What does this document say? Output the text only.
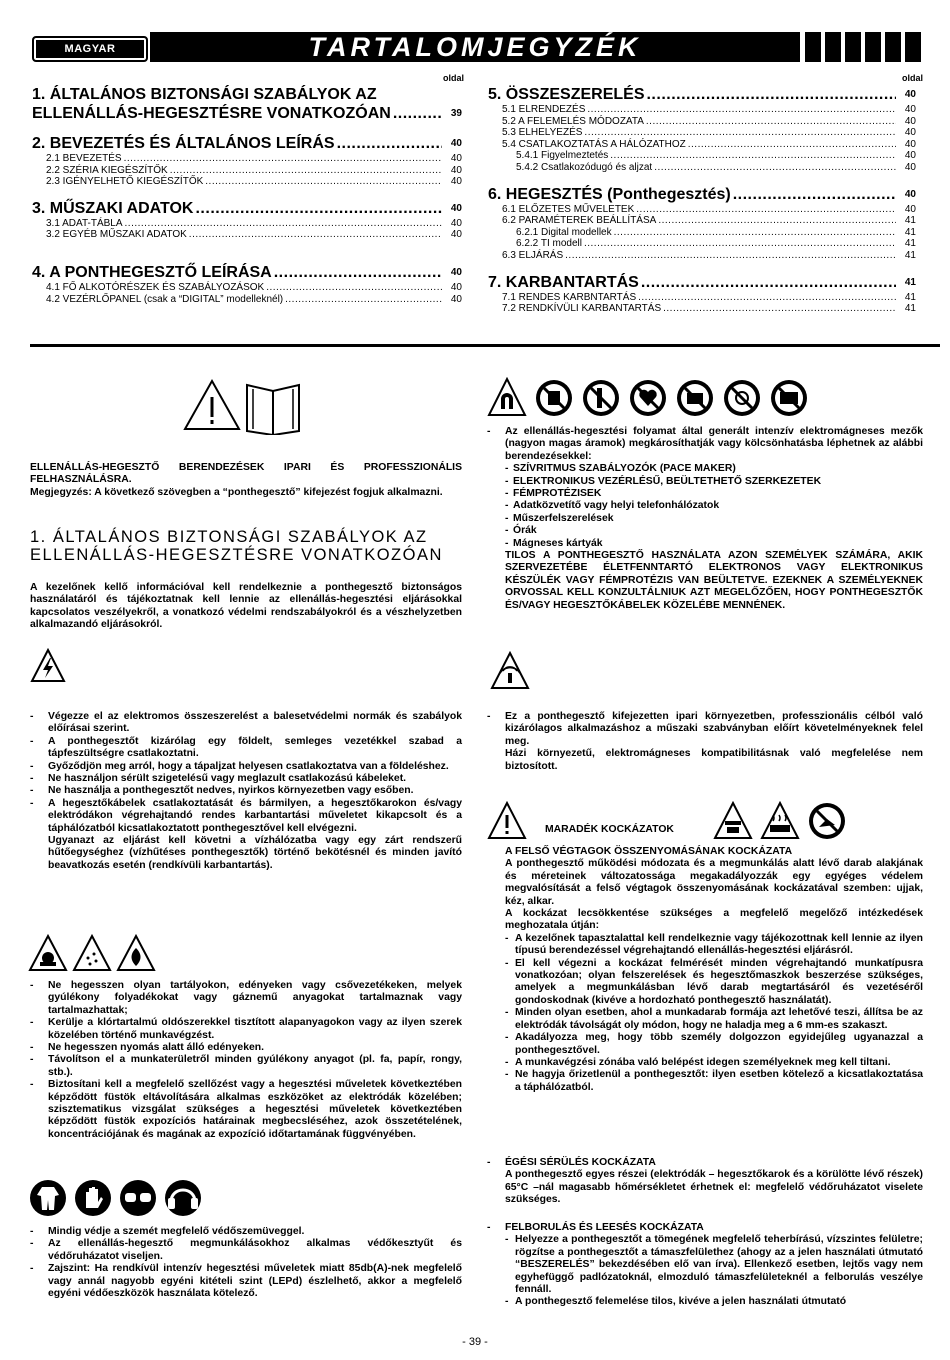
MAGYAR	TARTALOMJEGYZÉK
oldal	oldal
1. ÁLTALÁNOS BIZTONSÁGI SZABÁLYOK AZ
ELLENÁLLÁS-HEGESZTÉSRE VONATKOZÓAN .....	39
2. BEVEZETÉS ÉS ÁLTALÁNOS LEÍRÁS .....	40
2.1 BEVEZETÉS .....	40
2.2 SZÉRIA KIEGÉSZÍTŐK .....	40
2.3 IGÉNYELHETŐ KIEGÉSZÍTŐK .....	40
3. MŰSZAKI ADATOK .....	40
3.1 ADAT-TÁBLA .....	40
3.2 EGYÉB MŰSZAKI ADATOK .....	40
4. A PONTHEGESZTŐ LEÍRÁSA .....	40
4.1 FŐ ALKOTÓRÉSZEK ÉS SZABÁLYOZÁSOK .....	40
4.2 VEZÉRLŐPANEL (csak a “DIGITAL” modelleknél) .....	40
5. ÖSSZESZERELÉS .....	40
5.1 ELRENDEZÉS .....	40
5.2 A FELEMELÉS MÓDOZATA .....	40
5.3 ELHELYEZÉS .....	40
5.4 CSATLAKOZTATÁS A HÁLÓZATHOZ .....	40
5.4.1 Figyelmeztetés .....	40
5.4.2 Csatlakozódugó és aljzat .....	40
6. HEGESZTÉS (Ponthegesztés) .....	40
6.1 ELŐZETES MŰVELETEK .....	40
6.2 PARAMÉTEREK BEÁLLÍTÁSA .....	41
6.2.1 Digital modellek .....	41
6.2.2 TI modell .....	41
6.3 ELJÁRÁS .....	41
7. KARBANTARTÁS .....	41
7.1 RENDES KARBNTARTÁS .....	41
7.2 RENDKÍVÜLI KARBANTARTÁS .....	41
ELLENÁLLÁS-HEGESZTŐ BERENDEZÉSEK IPARI ÉS PROFESSZIONÁLIS FELHASZNÁLÁSRA.
Megjegyzés: A következő szövegben a “ponthegesztő” kifejezést fogjuk alkalmazni.
1. ÁLTALÁNOS BIZTONSÁGI SZABÁLYOK AZ ELLENÁLLÁS-HEGESZTÉSRE VONATKOZÓAN
A kezelőnek kellő információval kell rendelkeznie a ponthegesztő biztonságos használatáról és tájékoztatnak kell lennie az ellenállás-hegesztési eljárásokkal kapcsolatos veszélyekről, a vonatkozó védelmi rendszabályokról és a vészhelyzetben alkalmazandó eljárásokról.
-	Végezze el az elektromos összeszerelést a balesetvédelmi normák és szabályok előírásai szerint.
-	A ponthegesztőt kizárólag egy földelt, semleges vezetékkel szabad a tápfeszültségre csatlakoztatni.
-	Győződjön meg arról, hogy a tápaljzat helyesen csatlakoztatva van a földeléshez.
-	Ne használjon sérült szigetelésű vagy meglazult csatlakozású kábeleket.
-	Ne használja a ponthegesztőt nedves, nyirkos környezetben vagy esőben.
-	A hegesztőkábelek csatlakoztatását és bármilyen, a hegesztőkarokon és/vagy elektródákon végrehajtandó rendes karbantartási műveletet kikapcsolt és a táphálózatból kicsatlakoztatott ponthegesztővel kell elvégezni.
Ugyanazt az eljárást kell követni a vízhálózatba vagy egy zárt rendszerű hűtőegységhez (vízhűtéses ponthegesztők) történő bekötésnél és minden javító beavatkozás esetén (rendkívüli karbantartás).
-	Ne hegesszen olyan tartályokon, edényeken vagy csővezetékeken, melyek gyúlékony folyadékokat vagy gáznemű anyagokat tartalmaznak vagy tartalmazhattak;
-	Kerülje a klórtartalmú oldószerekkel tisztított alapanyagokon vagy az ilyen szerek közelében történő munkavégzést.
-	Ne hegesszen nyomás alatt álló edényeken.
-	Távolítson el a munkaterületről minden gyúlékony anyagot (pl. fa, papír, rongy, stb.).
-	Biztosítani kell a megfelelő szellőzést vagy a hegesztési műveletek következtében képződött füstök eltávolítására alkalmas eszközöket az elektródák közelében; szisztematikus vizsgálat szükséges a hegesztési műveletek következtében képződött füstök expozíciós határainak megbecsléséhez, azok összetételének, koncentrációjának és magának az expozíció időtartamának függvényében.
-	Mindig védje a szemét megfelelő védőszemüveggel.
-	Az ellenállás-hegesztő megmunkálásokhoz alkalmas védőkesztyűt és védőruházatot viseljen.
-	Zajszint: Ha rendkívül intenzív hegesztési műveletek miatt 85db(A)-nek megfelelő vagy annál nagyobb egyéni kitételi szint (LEPd) észlelhető, akkor a megfelelő egyéni védőeszközök használata kötelező.
-	Az ellenállás-hegesztési folyamat által generált intenzív elektromágneses mezők (nagyon magas áramok) megkárosíthatják vagy kölcsönhatásba léphetnek az alábbi berendezésekkel:
- SZÍVRITMUS SZABÁLYOZÓK (PACE MAKER)
- ELEKTRONIKUS VEZÉRLÉSŰ, BEÜLTETHETŐ SZERKEZETEK
- FÉMPROTÉZISEK
- Adatközvetítő vagy helyi telefonhálózatok
- Műszerfelszerelések
- Órák
- Mágneses kártyák
TILOS A PONTHEGESZTŐ HASZNÁLATA AZON SZEMÉLYEK SZÁMÁRA, AKIK SZERVEZETÉBE ÉLETFENNTARTÓ ELEKTRONOS VAGY ELEKTRONIKUS KÉSZÜLÉK VAGY FÉMPROTÉZIS VAN BEÜLTETVE. EZEKNEK A SZEMÉLYEKNEK ORVOSSAL KELL KONZULTÁLNIUK AZT MEGELŐZŐEN, HOGY PONTHEGESZTŐK ÉS/VAGY HEGESZTŐKÁBELEK KÖZELÉBE MENNÉNEK.
-	Ez a ponthegesztő kifejezetten ipari környezetben, professzionális célból való kizárólagos alkalmazáshoz a műszaki szabványban előírt követelményeknek felel meg.
Házi környezetű, elektromágneses kompatibilitásnak való megfelelése nem biztosított.
MARADÉK KOCKÁZATOK
A FELSŐ VÉGTAGOK ÖSSZENYOMÁSÁNAK KOCKÁZATA
A ponthegesztő működési módozata és a megmunkálás alatt lévő darab alakjának és méreteinek változatossága megakadályozzák egy egyéges védelem megvalósítását a felső végtagok összenyomásának kockázatával szemben: ujjak, kéz, alkar.
A kockázat lecsökkentése szükséges a megfelelő megelőző intézkedések meghozatala útján:
- A kezelőnek tapasztalattal kell rendelkeznie vagy tájékozottnak kell lennie az ilyen típusú berendezéssel végrehajtandó ellenállás-hegesztési eljárásról.
- El kell végezni a kockázat felmérését minden végrehajtandó munkatípusra vonatkozóan; olyan felszerelések és hegesztőmaszkok beszerzése szükséges, amelyek a megmunkálásban lévő darab megtartásáról és vezetéséről gondoskodnak (kivéve a hordozható ponthegesztő használatát).
- Minden olyan esetben, ahol a munkadarab formája azt lehetővé teszi, állítsa be az elektródák távolságát oly módon, hogy ne haladja meg a 6 mm-es szakaszt.
- Akadályozza meg, hogy több személy dolgozzon egyidejűleg ugyanazzal a ponthegesztővel.
- A munkavégzési zónába való belépést idegen személyeknek meg kell tiltani.
- Ne hagyja őrizetlenül a ponthegesztőt: ilyen esetben kötelező a kicsatlakoztatása a táphálózatból.
-	ÉGÉSI SÉRÜLÉS KOCKÁZATA
A ponthegesztő egyes részei (elektródák – hegesztőkarok és a körülötte lévő részek) 65°C –nál magasabb hőmérsékletet érhetnek el: megfelelő védőruházatot viselete szükséges.
-	FELBORULÁS ÉS LEESÉS KOCKÁZATA
- Helyezze a ponthegesztőt a tömegének megfelelő teherbírású, vízszintes felületre; rögzítse a ponthegesztőt a támaszfelülethez (ahogy az a jelen használati útmutató “BESZERELÉS” bekezdésében elő van írva). Ellenkező esetben, lejtős vagy nem egyhefüggő padlózatoknál, elmozduló támaszfelületeknél a felborulás veszélye fennáll.
- A ponthegesztő felemelése tilos, kivéve a jelen használati útmutató
- 39 -
